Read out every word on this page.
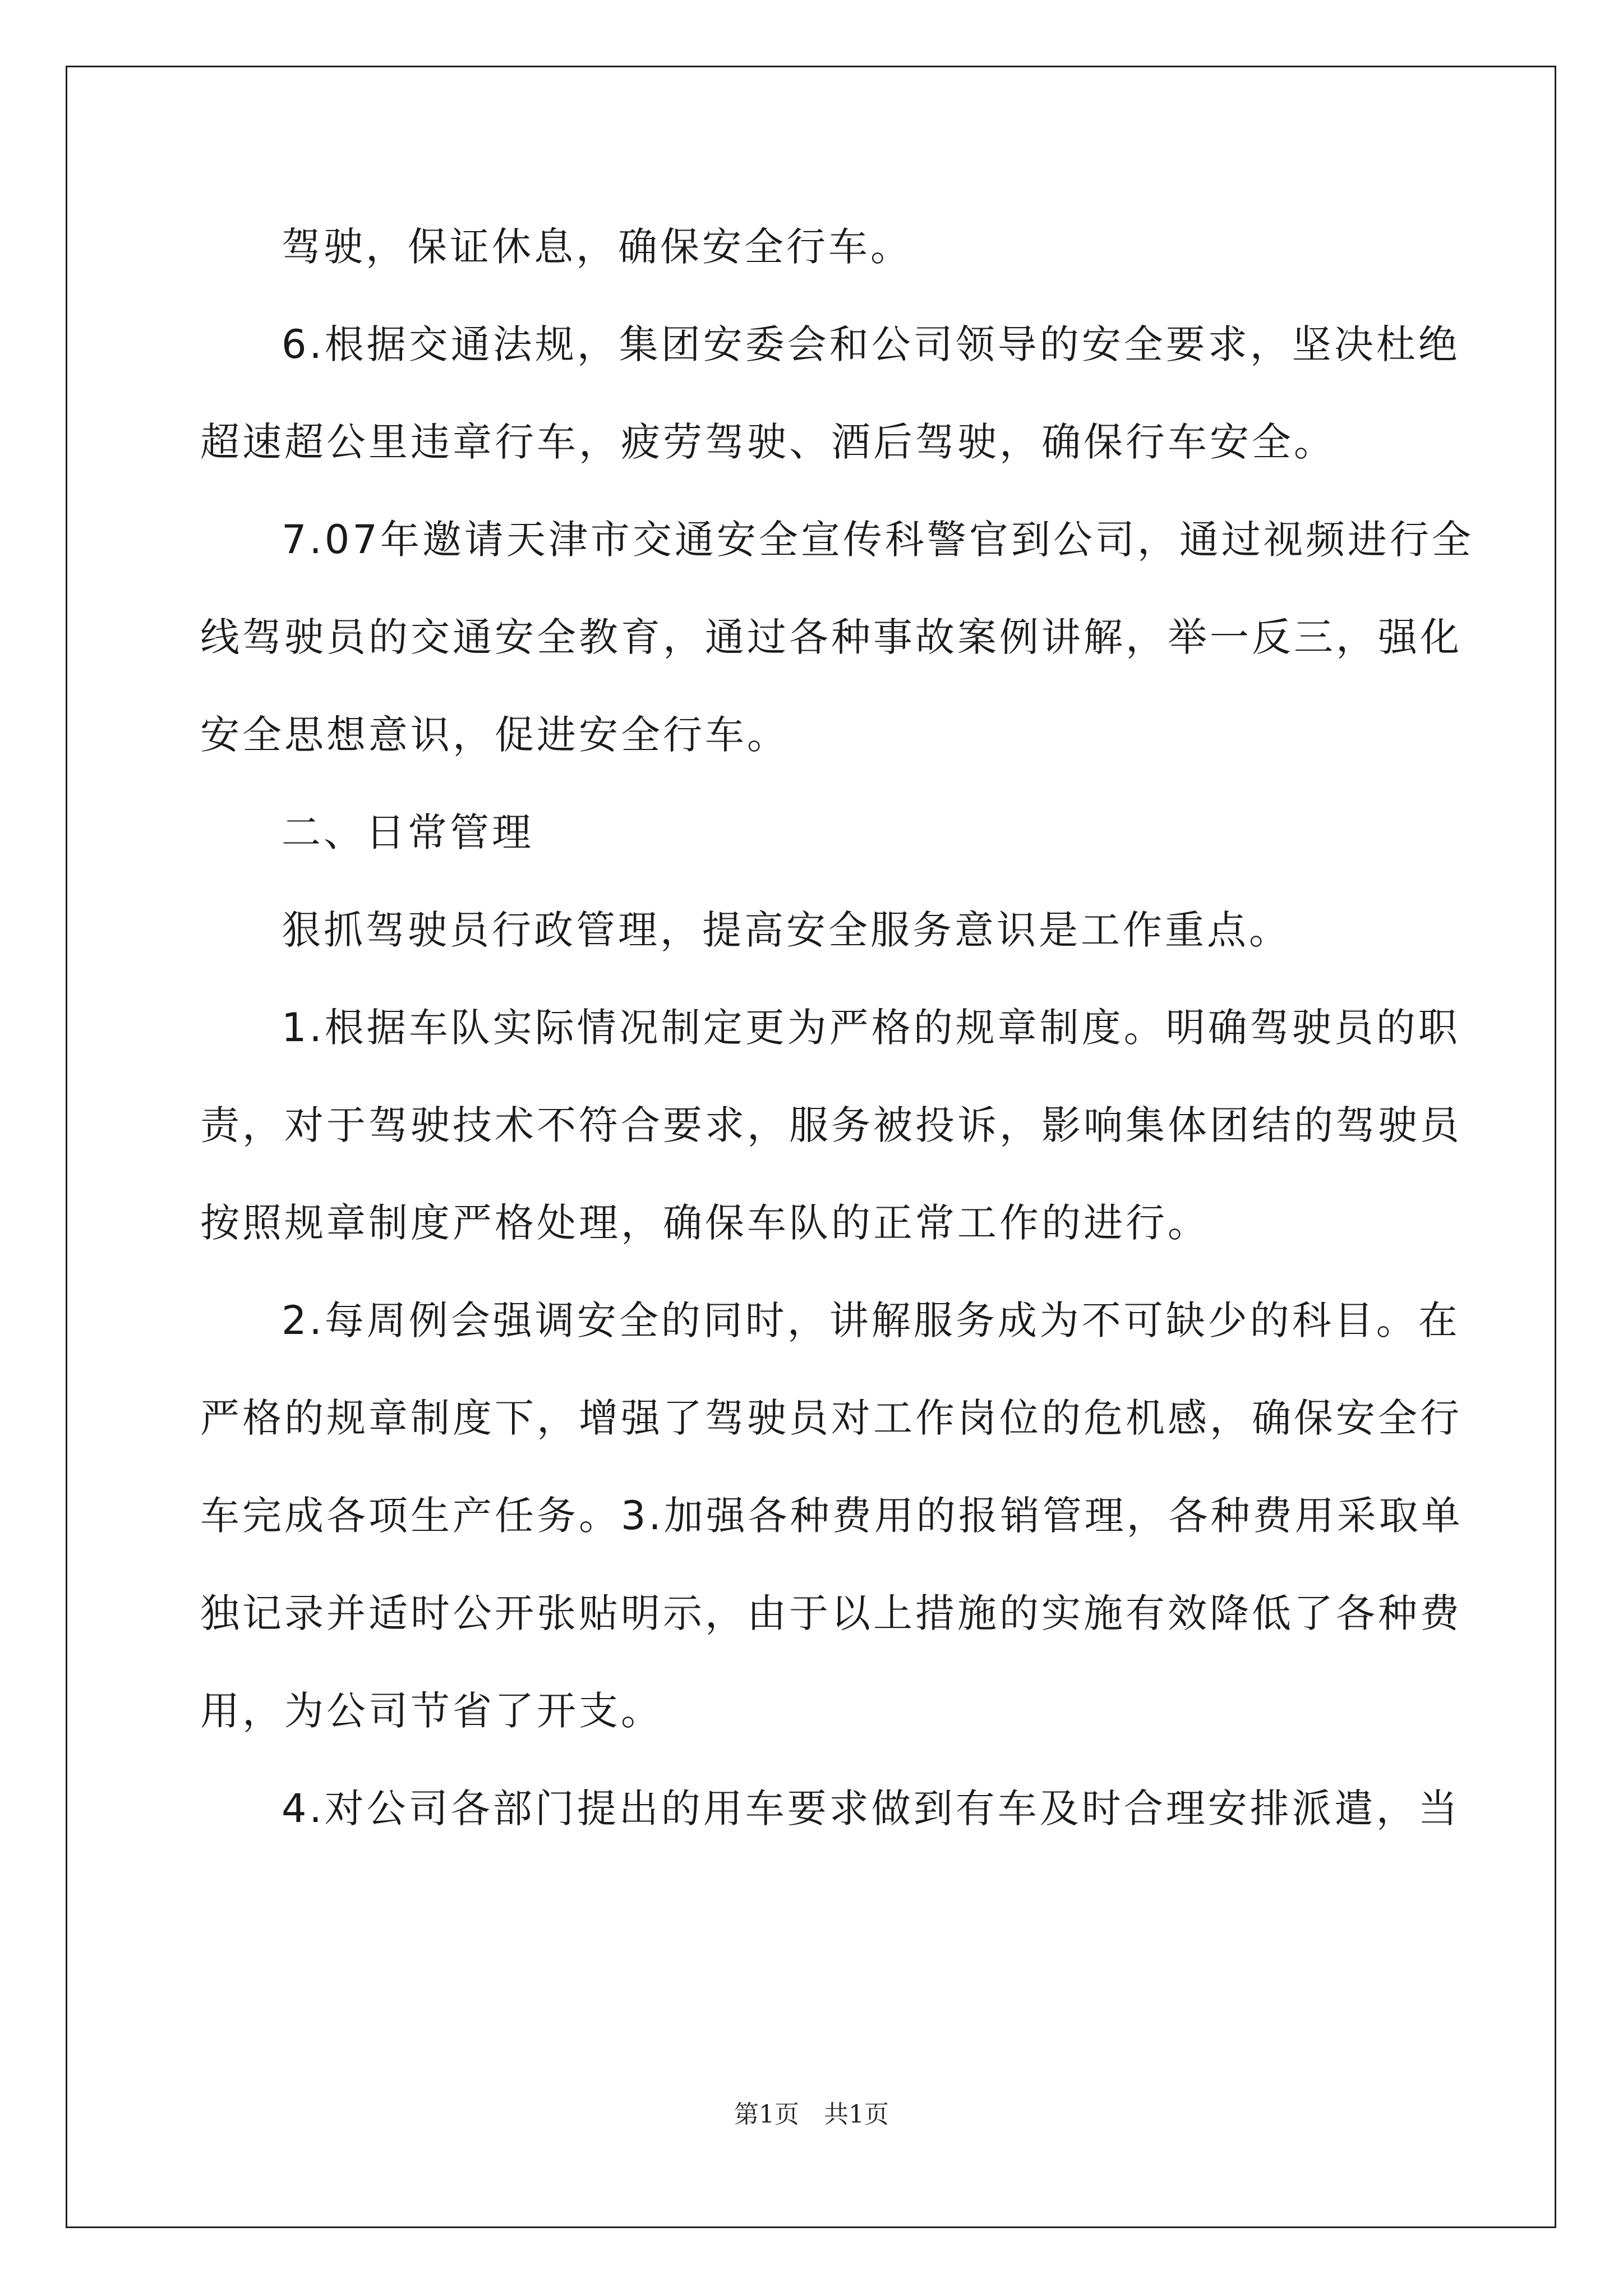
驾驶，保证休息，确保安全行车。
6.根据交通法规，集团安委会和公司领导的安全要求，坚决杜绝
超速超公里违章行车，疲劳驾驶、酒后驾驶，确保行车安全。
7.07年邀请天津市交通安全宣传科警官到公司，通过视频进行全
线驾驶员的交通安全教育，通过各种事故案例讲解，举一反三，强化
安全思想意识，促进安全行车。
二、日常管理
狠抓驾驶员行政管理，提高安全服务意识是工作重点。
1.根据车队实际情况制定更为严格的规章制度。明确驾驶员的职
责，对于驾驶技术不符合要求，服务被投诉，影响集体团结的驾驶员
按照规章制度严格处理，确保车队的正常工作的进行。
2.每周例会强调安全的同时，讲解服务成为不可缺少的科目。在
严格的规章制度下，增强了驾驶员对工作岗位的危机感，确保安全行
车完成各项生产任务。3.加强各种费用的报销管理，各种费用采取单
独记录并适时公开张贴明示，由于以上措施的实施有效降低了各种费
用，为公司节省了开支。
4.对公司各部门提出的用车要求做到有车及时合理安排派遣，当
第1页　共1页
